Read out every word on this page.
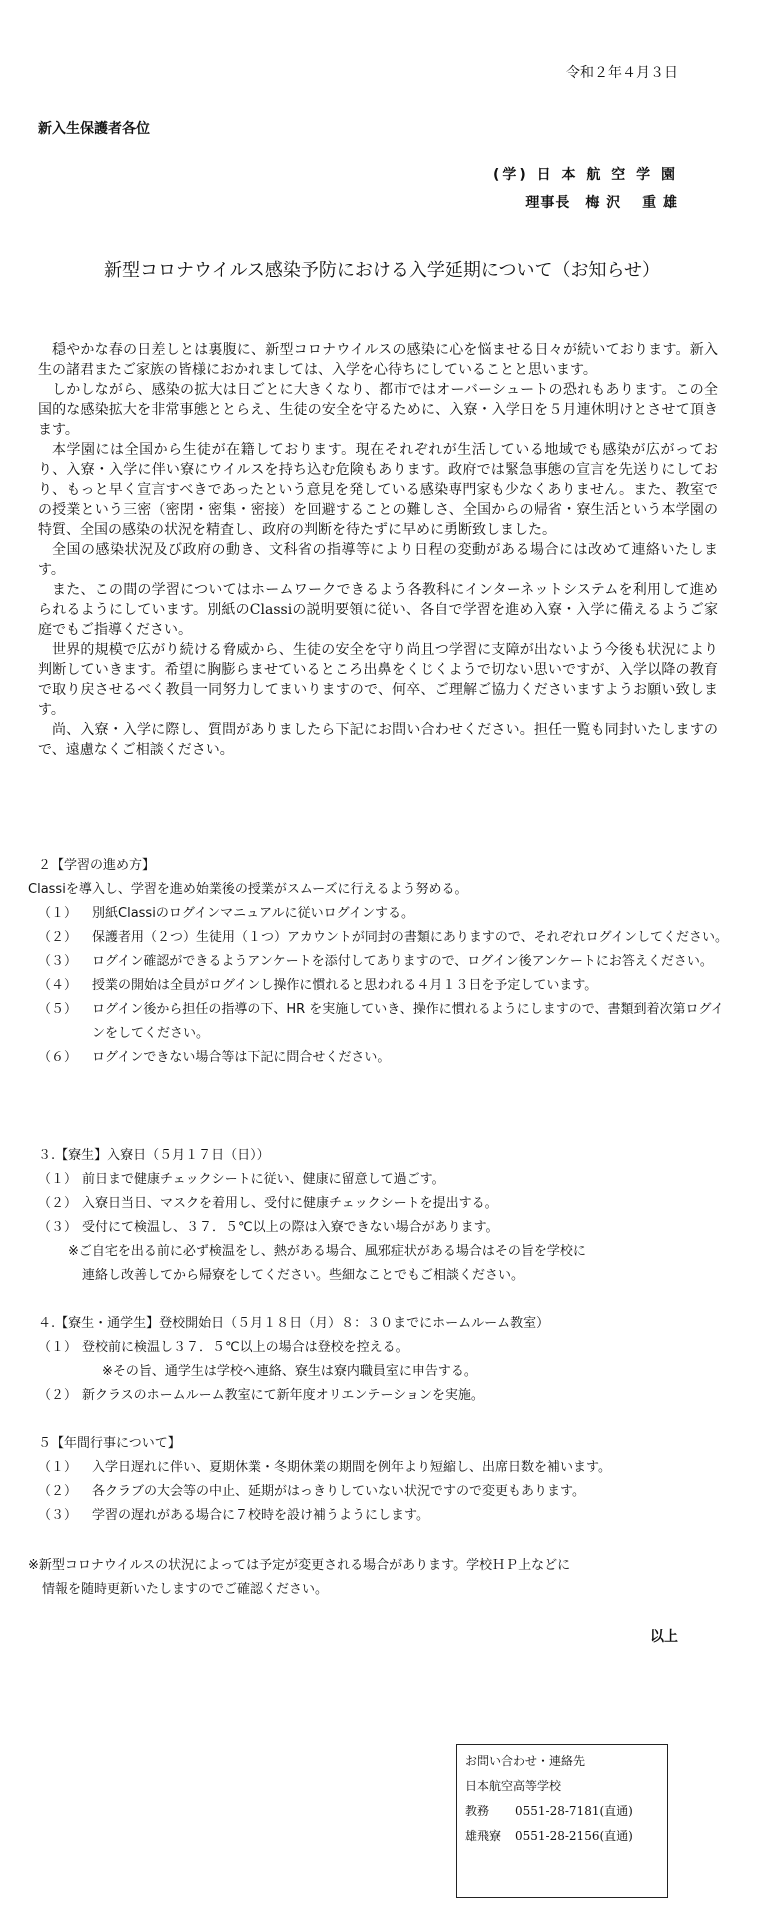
令和２年４月３日
新入生保護者各位
(学) 日 本 航 空 学 園
理事長　梅 沢　 重 雄
新型コロナウイルス感染予防における入学延期について（お知らせ）

穏やかな春の日差しとは裏腹に、新型コロナウイルスの感染に心を悩ませる日々が続いております。新入生の諸君またご家族の皆様におかれましては、入学を心待ちにしていることと思います。

しかしながら、感染の拡大は日ごとに大きくなり、都市ではオーバーシュートの恐れもあります。この全国的な感染拡大を非常事態ととらえ、生徒の安全を守るために、入寮・入学日を５月連休明けとさせて頂きます。

本学園には全国から生徒が在籍しております。現在それぞれが生活している地域でも感染が広がっており、入寮・入学に伴い寮にウイルスを持ち込む危険もあります。政府では緊急事態の宣言を先送りにしており、もっと早く宣言すべきであったという意見を発している感染専門家も少なくありません。また、教室での授業という三密（密閉・密集・密接）を回避することの難しさ、全国からの帰省・寮生活という本学園の特質、全国の感染の状況を精査し、政府の判断を待たずに早めに勇断致しました。

全国の感染状況及び政府の動き、文科省の指導等により日程の変動がある場合には改めて連絡いたします。

また、この間の学習についてはホームワークできるよう各教科にインターネットシステムを利用して進められるようにしています。別紙のClassiの説明要領に従い、各自で学習を進め入寮・入学に備えるようご家庭でもご指導ください。

世界的規模で広がり続ける脅威から、生徒の安全を守り尚且つ学習に支障が出ないよう今後も状況により判断していきます。希望に胸膨らませているところ出鼻をくじくようで切ない思いですが、入学以降の教育で取り戻させるべく教員一同努力してまいりますので、何卒、ご理解ご協力くださいますようお願い致します。

尚、入寮・入学に際し、質問がありましたら下記にお問い合わせください。担任一覧も同封いたしますので、遠慮なくご相談ください。

２【学習の進め方】
Classiを導入し、学習を進め始業後の授業がスムーズに行えるよう努める。
（１）	別紙Classiのログインマニュアルに従いログインする。
（２）	保護者用（２つ）生徒用（１つ）アカウントが同封の書類にありますので、それぞれログインしてください。
（３）	ログイン確認ができるようアンケートを添付してありますので、ログイン後アンケートにお答えください。
（４）	授業の開始は全員がログインし操作に慣れると思われる４月１３日を予定しています。
（５）	ログイン後から担任の指導の下、HR を実施していき、操作に慣れるようにしますので、書類到着次第ログインをしてください。
（６）	ログインできない場合等は下記に問合せください。
３.【寮生】入寮日（５月１７日（日））
（１） 前日まで健康チェックシートに従い、健康に留意して過ごす。
（２） 入寮日当日、マスクを着用し、受付に健康チェックシートを提出する。
（３） 受付にて検温し、３７．５℃以上の際は入寮できない場合があります。
※ご自宅を出る前に必ず検温をし、熱がある場合、風邪症状がある場合はその旨を学校に
連絡し改善してから帰寮をしてください。些細なことでもご相談ください。
４.【寮生・通学生】登校開始日（５月１８日（月）８：３０までにホームルーム教室）
（１） 登校前に検温し３７．５℃以上の場合は登校を控える。
※その旨、通学生は学校へ連絡、寮生は寮内職員室に申告する。
（２） 新クラスのホームルーム教室にて新年度オリエンテーションを実施。
５【年間行事について】
（１）	入学日遅れに伴い、夏期休業・冬期休業の期間を例年より短縮し、出席日数を補います。
（２）	各クラブの大会等の中止、延期がはっきりしていない状況ですので変更もあります。
（３）	学習の遅れがある場合に７校時を設け補うようにします。
※新型コロナウイルスの状況によっては予定が変更される場合があります。学校ＨＰ上などに
情報を随時更新いたしますのでご確認ください。
以上
お問い合わせ・連絡先
日本航空高等学校
教務	0551-28-7181(直通)
雄飛寮	0551-28-2156(直通)
